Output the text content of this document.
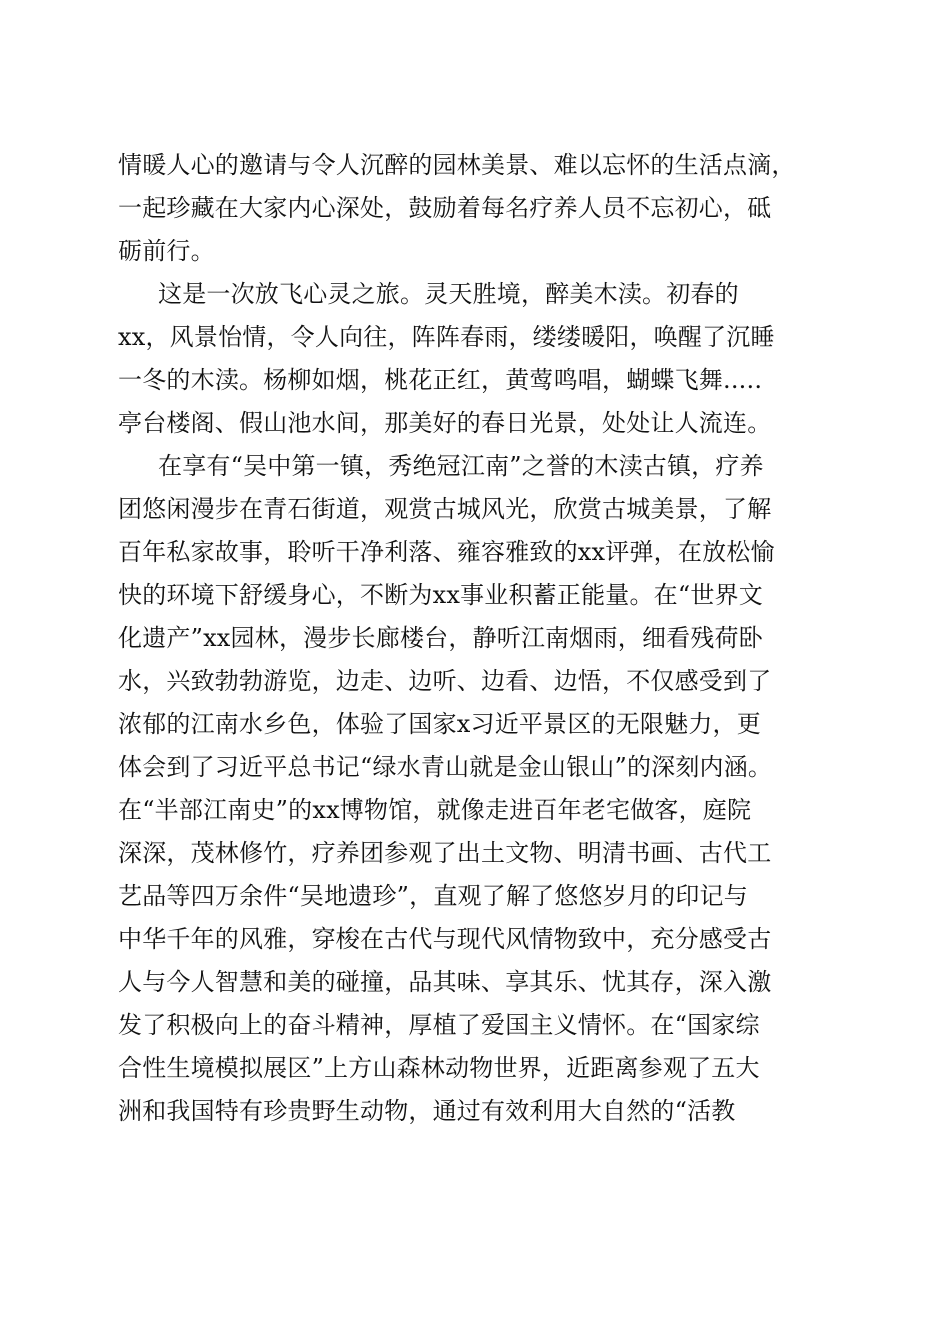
情暖人心的邀请与令人沉醉的园林美景、难以忘怀的生活点滴，
一起珍藏在大家内心深处，鼓励着每名疗养人员不忘初心，砥
砺前行。
这是一次放飞心灵之旅。灵天胜境，醉美木渎。初春的
xx，风景怡情，令人向往，阵阵春雨，缕缕暖阳，唤醒了沉睡
一冬的木渎。杨柳如烟，桃花正红，黄莺鸣唱，蝴蝶飞舞.....
亭台楼阁、假山池水间，那美好的春日光景，处处让人流连。
在享有“吴中第一镇，秀绝冠江南”之誉的木渎古镇，疗养
团悠闲漫步在青石街道，观赏古城风光，欣赏古城美景，了解
百年私家故事，聆听干净利落、雍容雅致的xx评弹，在放松愉
快的环境下舒缓身心，不断为xx事业积蓄正能量。在“世界文
化遗产”xx园林，漫步长廊楼台，静听江南烟雨，细看残荷卧
水，兴致勃勃游览，边走、边听、边看、边悟，不仅感受到了
浓郁的江南水乡色，体验了国家x习近平景区的无限魅力，更
体会到了习近平总书记“绿水青山就是金山银山”的深刻内涵。
在“半部江南史”的xx博物馆，就像走进百年老宅做客，庭院
深深，茂林修竹，疗养团参观了出土文物、明清书画、古代工
艺品等四万余件“吴地遗珍”，直观了解了悠悠岁月的印记与
中华千年的风雅，穿梭在古代与现代风情物致中，充分感受古
人与今人智慧和美的碰撞，品其味、享其乐、忧其存，深入激
发了积极向上的奋斗精神，厚植了爱国主义情怀。在“国家综
合性生境模拟展区”上方山森林动物世界，近距离参观了五大
洲和我国特有珍贵野生动物，通过有效利用大自然的“活教
